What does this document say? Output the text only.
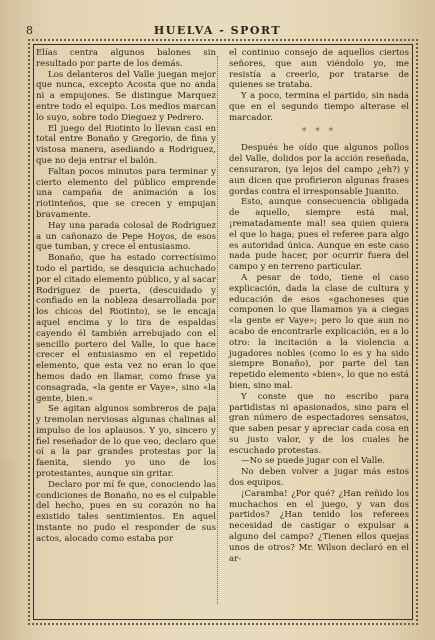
HUELVA - SPORT
8

Elías centra algunos balones sin resultado por parte de los demás.

Los delanteros del Valle juegan mejor que nunca, excepto Acosta que no anda ni a empujones. Se distingue Marquez entre todo el equipo. Los medios marcan lo suyo, sobre todo Dieguez y Pedrero.

El juego del Riotinto lo llevan casi en total entre Bonaño y Gregorio, de fina y vistosa manera, asediando a Rodriguez, que no deja entrar el balón.

Faltan pocos minutos para terminar y cierto elemento del público emprende una campaña de animación a los riotinteños, que se crecen y empujan bravamente.

Hay una parada colosal de Rodriguez a un cañonazo de Pepe Hoyos, de esos que tumban, y crece el entusiasmo.

Bonaño, que ha estado correctísimo todo el partido, se desquicia achuchado por el citado elemento público, y al sacar Rodriguez de puerta, (descuidado y confiado en la nobleza desarrollada por los chicos del Riotinto), se le encaja aquel encima y lo tira de espaldas cayendo él también arrebujado con el sencillo portero del Valle, lo que hace crecer el entusiasmo en el repetido elemento, que esta vez no eran lo que hemos dado en llamar, como frase ya consagrada, «la gente er Vaye», sino «la gente, bien.»

Se agitan algunos sombreros de paja y tremolan nerviosas algunas chalinas al impulso de los aplausos. Y yo, sincero y fiel reseñador de lo que veo, declaro que oí a la par grandes protestas por la faenita, siendo yo uno de los protestantes, aunque sin gritar.

Declaro por mí fe que, conociendo las condiciones de Bonaño, no es el culpable del hecho, pues en su corazón no ha existido tales sentimientos. En aquel instante no pudo el responder de sus actos, alocado como estaba por

el continuo consejo de aquellos ciertos señores, que aun viéndolo yo, me resistía a creerlo, por tratarse de quienes se trataba.

Y a poco, termina el partido, sin nada que en el segundo tiempo alterase el marcador.

* * *

Después he oído que algunos pollos del Valle, dolidos por la acción reseñada, censuraron, (ya lejos del campo ¿eh?) y aun dicen que profirieron algunas frases gordas contra el irresponsable Juanito.

Esto, aunque consecuencia obligada de aquello, siempre está mal, ¡rematadamente mal! sea quien quiera el que lo haga; pues el referee para algo es autoridad única. Aunque en este caso nada pude hacer, por ocurrir fuera del campo y en terreno particular.

A pesar de todo, tiene el caso explicación, dada la clase de cultura y educación de esos «gachoneses que componen lo que llamamos ya a ciegas «la gente er Vaye»; pero lo que aun no acabo de encontrarle explicación, es a lo otro: la incitación a la violencia a jugadores nobles (como lo es y ha sido siempre Bonaño), por parte del tan repetido elemento «bien», lo que no está bien, sino mal.

Y conste que no escribo para partidistas ni apasionados, sino para el gran número de espectadores sensatos, que saben pesar y apreciar cada cosa en su justo valor, y de los cuales he escuchado protestas.

—No se puede jugar con el Valle.

No deben volver a jugar más estos dos equipos.

¡Caramba! ¿Por qué? ¿Han reñido los muchachos en el juego, y van dos partidos? ¿Han tenido los referees necesidad de castigar o expulsar a alguno del campo? ¿Tienen ellos quejas unos de otros? Mr. Wilson declaró en el ar-
